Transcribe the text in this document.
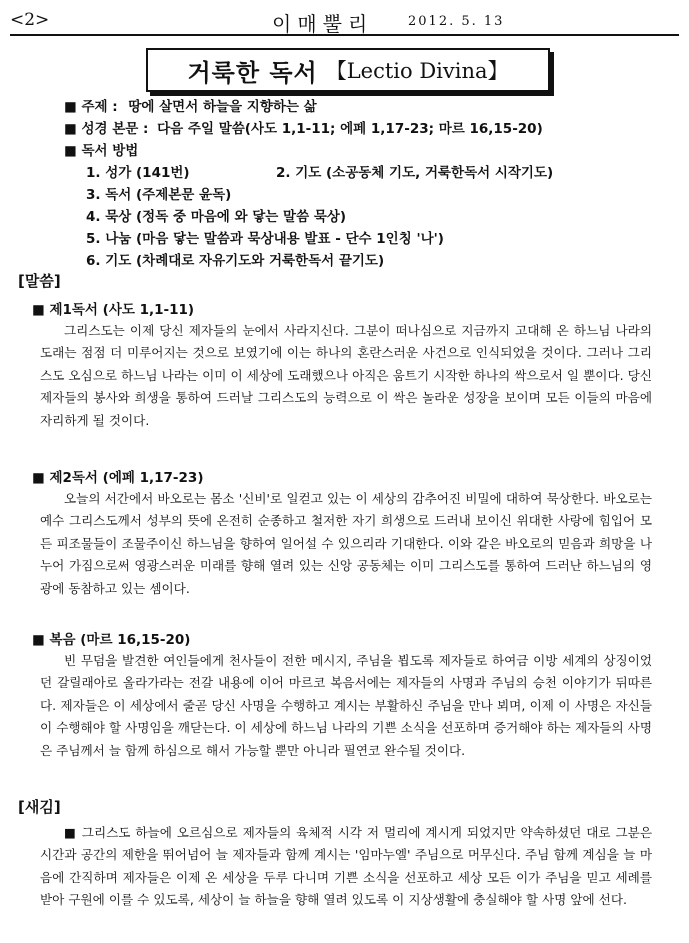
<2>	이매뿔리	2012. 5. 13
거룩한 독서 【Lectio Divina】
■ 주제 : 땅에 살면서 하늘을 지향하는 삶
■ 성경 본문 : 다음 주일 말씀(사도 1,1-11; 에페 1,17-23; 마르 16,15-20)
■ 독서 방법
1. 성가 (141번)	2. 기도 (소공동체 기도, 거룩한독서 시작기도)
3. 독서 (주제본문 윤독)
4. 묵상 (정독 중 마음에 와 닿는 말씀 묵상)
5. 나눔 (마음 닿는 말씀과 묵상내용 발표 - 단수 1인칭 '나')
6. 기도 (차례대로 자유기도와 거룩한독서 끝기도)
[말씀]
■ 제1독서 (사도 1,1-11)
그리스도는 이제 당신 제자들의 눈에서 사라지신다. 그분이 떠나심으로 지금까지 고대해 온 하느님 나라의 도래는 점점 더 미루어지는 것으로 보였기에 이는 하나의 혼란스러운 사건으로 인식되었을 것이다. 그러나 그리스도 오심으로 하느님 나라는 이미 이 세상에 도래했으나 아직은 움트기 시작한 하나의 싹으로서 일 뿐이다. 당신 제자들의 봉사와 희생을 통하여 드러날 그리스도의 능력으로 이 싹은 놀라운 성장을 보이며 모든 이들의 마음에 자리하게 될 것이다.
■ 제2독서 (에페 1,17-23)
오늘의 서간에서 바오로는 몸소 '신비'로 일컫고 있는 이 세상의 감추어진 비밀에 대하여 묵상한다. 바오로는 예수 그리스도께서 성부의 뜻에 온전히 순종하고 철저한 자기 희생으로 드러내 보이신 위대한 사랑에 힘입어 모든 피조물들이 조물주이신 하느님을 향하여 일어설 수 있으리라 기대한다. 이와 같은 바오로의 믿음과 희망을 나누어 가짐으로써 영광스러운 미래를 향해 열려 있는 신앙 공동체는 이미 그리스도를 통하여 드러난 하느님의 영광에 동참하고 있는 셈이다.
■ 복음 (마르 16,15-20)
빈 무덤을 발견한 여인들에게 천사들이 전한 메시지, 주님을 뵙도록 제자들로 하여금 이방 세계의 상징이었던 갈릴래아로 올라가라는 전갈 내용에 이어 마르코 복음서에는 제자들의 사명과 주님의 승천 이야기가 뒤따른다. 제자들은 이 세상에서 줄곧 당신 사명을 수행하고 계시는 부활하신 주님을 만나 뵈며, 이제 이 사명은 자신들이 수행해야 할 사명임을 깨닫는다. 이 세상에 하느님 나라의 기쁜 소식을 선포하며 증거해야 하는 제자들의 사명은 주님께서 늘 함께 하심으로 해서 가능할 뿐만 아니라 필연코 완수될 것이다.
[새김]
■ 그리스도 하늘에 오르심으로 제자들의 육체적 시각 저 멀리에 계시게 되었지만 약속하셨던 대로 그분은 시간과 공간의 제한을 뛰어넘어 늘 제자들과 함께 계시는 '임마누엘' 주님으로 머무신다. 주님 함께 계심을 늘 마음에 간직하며 제자들은 이제 온 세상을 두루 다니며 기쁜 소식을 선포하고 세상 모든 이가 주님을 믿고 세례를 받아 구원에 이를 수 있도록, 세상이 늘 하늘을 향해 열려 있도록 이 지상생활에 충실해야 할 사명 앞에 선다.
